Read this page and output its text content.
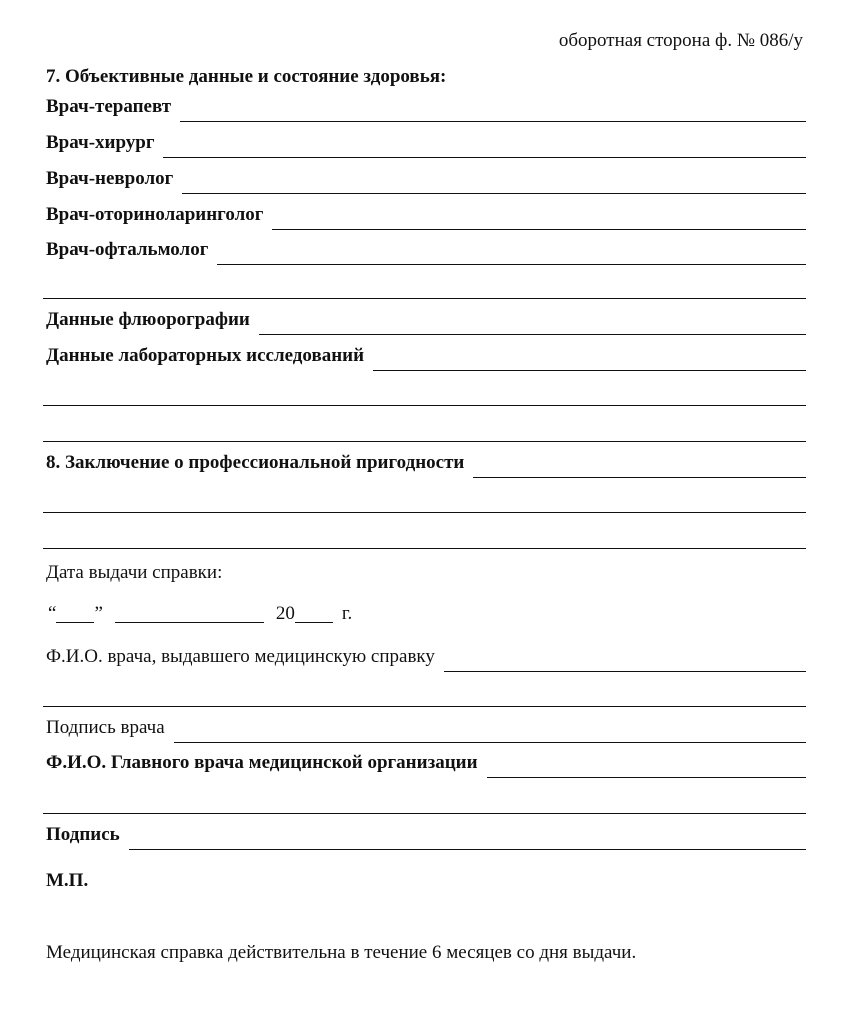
оборотная сторона ф. № 086/у
7. Объективные данные и состояние здоровья:
Врач-терапевт
Врач-хирург
Врач-невролог
Врач-оториноларинголог
Врач-офтальмолог
Данные флюорографии
Данные лабораторных исследований
8. Заключение о профессиональной пригодности
Дата выдачи справки:
“ ”	20 г.
Ф.И.О. врача, выдавшего медицинскую справку
Подпись врача
Ф.И.О. Главного врача медицинской организации
Подпись
М.П.
Медицинская справка действительна в течение 6 месяцев со дня выдачи.
